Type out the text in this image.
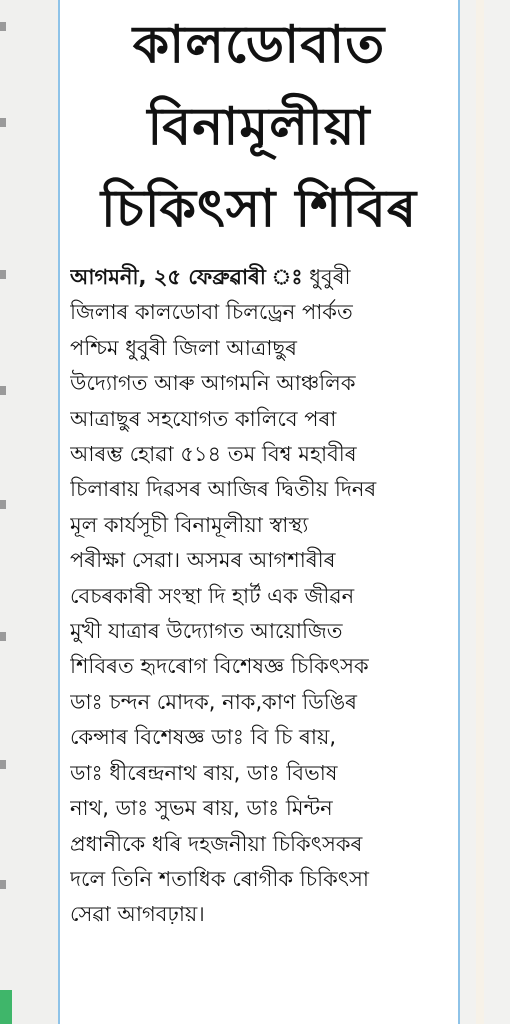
কালডোবাত
বিনামূলীয়া
চিকিৎসা শিবিৰ
আগমনী, ২৫ ফেব্ৰুৱাৰী ঃ ধুবুৰী
জিলাৰ কালডোবা চিলড্ৰেন পাৰ্কত
পশ্চিম ধুবুৰী জিলা আত্ৰাছুৰ
উদ্যোগত আৰু আগমনি আঞ্চলিক
আত্ৰাছুৰ সহযোগত কালিবে পৰা
আৰম্ভ হোৱা ৫১৪ তম বিশ্ব মহাবীৰ
চিলাৰায় দিৱসৰ আজিৰ দ্বিতীয় দিনৰ
মূল কাৰ্যসূচী বিনামূলীয়া স্বাস্থ্য
পৰীক্ষা সেৱা। অসমৰ আগশাৰীৰ
বেচৰকাৰী সংস্থা দি হাৰ্ট এক জীৱন
মুখী যাত্ৰাৰ উদ্যোগত আয়োজিত
শিবিৰত হৃদৰোগ বিশেষজ্ঞ চিকিৎসক
ডাঃ চন্দন মোদক, নাক,কাণ ডিঙিৰ
কেন্সাৰ বিশেষজ্ঞ ডাঃ বি চি ৰায়,
ডাঃ ধীৰেন্দ্ৰনাথ ৰায়, ডাঃ বিভাষ
নাথ, ডাঃ সুভম ৰায়, ডাঃ মিন্টন
প্ৰধানীকে ধৰি দহজনীয়া চিকিৎসকৰ
দলে তিনি শতাধিক ৰোগীক চিকিৎসা
সেৱা আগবঢ়ায়।
